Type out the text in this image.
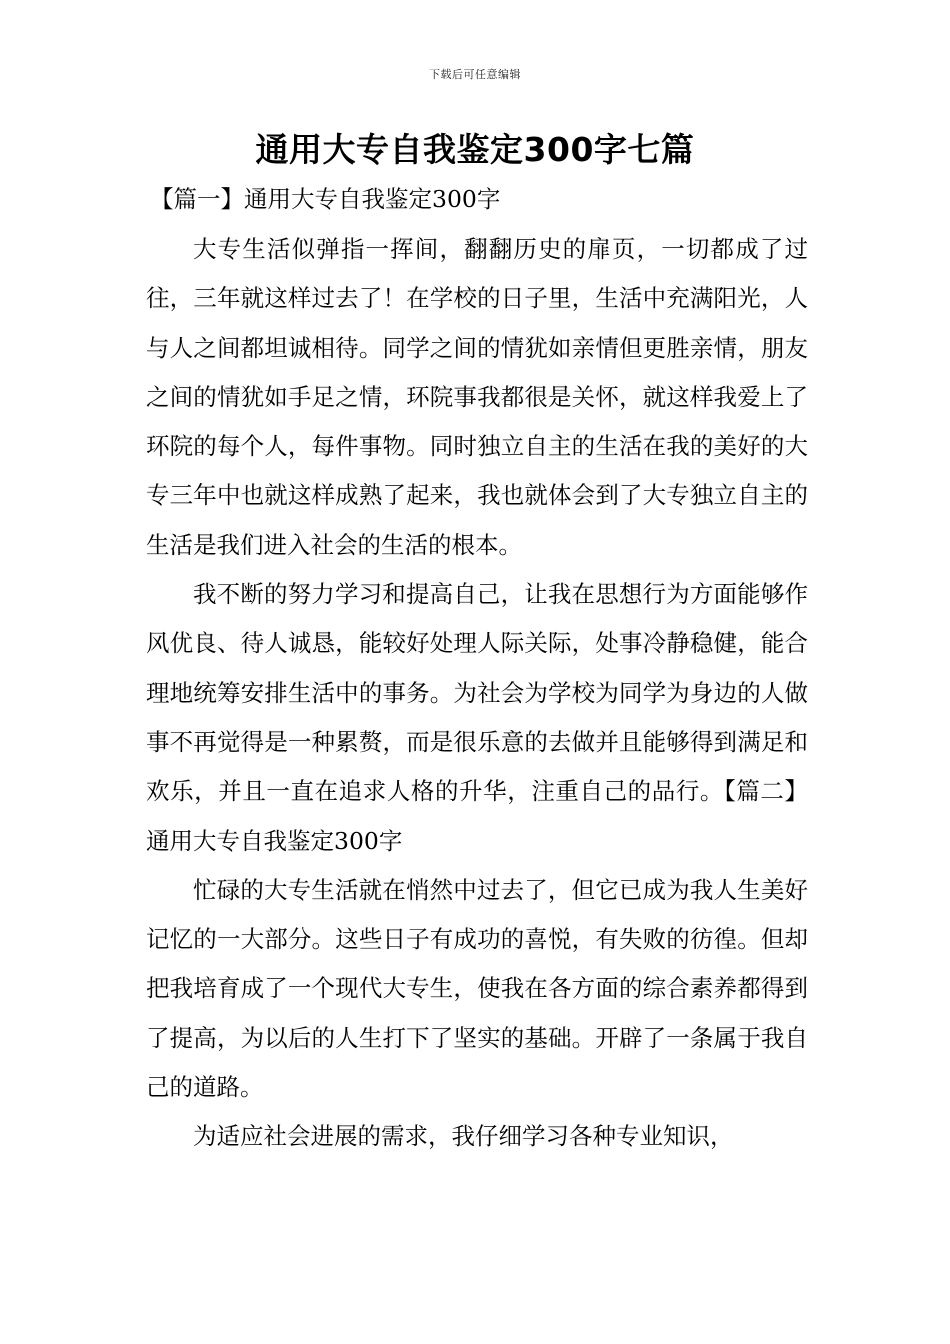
下载后可任意编辑
通用大专自我鉴定300字七篇
【篇一】通用大专自我鉴定300字

大专生活似弹指一挥间，翻翻历史的扉页，一切都成了过往，三年就这样过去了！在学校的日子里，生活中充满阳光，人与人之间都坦诚相待。同学之间的情犹如亲情但更胜亲情，朋友之间的情犹如手足之情，环院事我都很是关怀，就这样我爱上了环院的每个人，每件事物。同时独立自主的生活在我的美好的大专三年中也就这样成熟了起来，我也就体会到了大专独立自主的生活是我们进入社会的生活的根本。

我不断的努力学习和提高自己，让我在思想行为方面能够作风优良、待人诚恳，能较好处理人际关际，处事冷静稳健，能合理地统筹安排生活中的事务。为社会为学校为同学为身边的人做事不再觉得是一种累赘，而是很乐意的去做并且能够得到满足和欢乐，并且一直在追求人格的升华，注重自己的品行。【篇二】通用大专自我鉴定300字

忙碌的大专生活就在悄然中过去了，但它已成为我人生美好记忆的一大部分。这些日子有成功的喜悦，有失败的彷徨。但却把我培育成了一个现代大专生，使我在各方面的综合素养都得到了提高，为以后的人生打下了坚实的基础。开辟了一条属于我自己的道路。

为适应社会进展的需求，我仔细学习各种专业知识，
